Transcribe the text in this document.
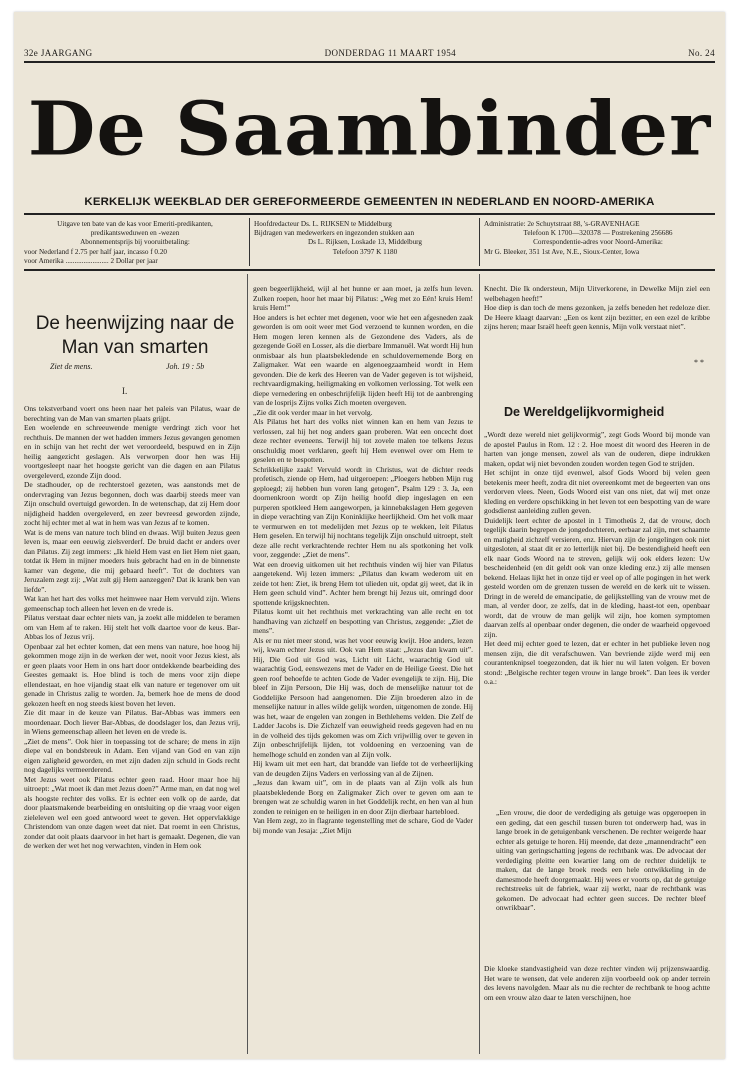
32e JAARGANG	DONDERDAG 11 MAART 1954	No. 24
De Saambinder
KERKELIJK WEEKBLAD DER GEREFORMEERDE GEMEENTEN IN NEDERLAND EN NOORD-AMERIKA
Uitgave ten bate van de kas voor Emeriti-predikanten,
predikantsweduwen en -wezen
Abonnementsprijs bij vooruitbetaling:
voor Nederland f 2.75 per half jaar, incasso f 0.20
voor Amerika ........................ 2 Dollar per jaar
Hoofdredacteur Ds. L. RIJKSEN te Middelburg
Bijdragen van medewerkers en ingezonden stukken aan
Ds L. Rijksen, Loskade 13, Middelburg
Telefoon 3797 K 1180
Administratie: 2e Schuytstraat 88, 's-GRAVENHAGE
Telefoon K 1700—320378 — Postrekening 256686
Correspondentie-adres voor Noord-Amerika:
Mr G. Bleeker, 351 1st Ave, N.E., Sioux-Center, Iowa
De heenwijzing naar de Man van smarten
Ziet de mens.	Joh. 19 : 5b
I.

Ons tekstverband voert ons heen naar het paleis van Pilatus, waar de berechting van de Man van smarten plaats grijpt.

Een woelende en schreeuwende menigte verdringt zich voor het rechthuis. De mannen der wet hadden immers Jezus gevangen genomen en in schijn van het recht der wet veroordeeld, bespuwd en in Zijn heilig aangezicht geslagen. Als verworpen door hen was Hij voortgesleept naar het hoogste gericht van die dagen en aan Pilatus overgeleverd, ezonde Zijn dood.

De stadhouder, op de rechterstoel gezeten, was aanstonds met de ondervraging van Jezus begonnen, doch was daarbij steeds meer van Zijn onschuld overtuigd geworden. In de wetenschap, dat zij Hem door nijdigheid hadden overgeleverd, en zeer bevreesd geworden zijnde, zocht hij echter met al wat in hem was van Jezus af te komen.

Wat is de mens van nature toch blind en dwaas. Wijl buiten Jezus geen leven is, maar een eeuwig zielsverderf. De bruid dacht er anders over dan Pilatus. Zij zegt immers: „Ik hield Hem vast en liet Hem niet gaan, totdat ik Hem in mijner moeders huis gebracht had en in de binnenste kamer van degene, die mij gebaard heeft”. Tot de dochters van Jeruzalem zegt zij: „Wat zult gij Hem aanzeggen? Dat ik krank ben van liefde”.

Wat kan het hart des volks met heimwee naar Hem vervuld zijn. Wiens gemeenschap toch alleen het leven en de vrede is.

Pilatus verstaat daar echter niets van, ja zoekt alle middelen te beramen om van Hem af te raken. Hij stelt het volk daartoe voor de keus. Bar-Abbas los of Jezus vrij.

Openbaar zal het echter komen, dat een mens van nature, hoe hoog hij gekommen moge zijn in de werken der wet, nooit voor Jezus kiest, als er geen plaats voor Hem in ons hart door ontdekkende bearbeiding des Geestes gemaakt is. Hoe blind is toch de mens voor zijn diepe ellendestaat, en hoe vijandig staat elk van nature er tegenover om uit genade in Christus zalig te worden. Ja, bemerk hoe de mens de dood gekozen heeft en nog steeds kiest boven het leven.

Zie dit maar in de keuze van Pilatus. Bar-Abbas was immers een moordenaar. Doch liever Bar-Abbas, de doodslager los, dan Jezus vrij, in Wiens gemeenschap alleen het leven en de vrede is.

„Ziet de mens”. Ook hier in toepassing tot de schare; de mens in zijn diepe val en bondsbreuk in Adam. Een vijand van God en van zijn eigen zaligheid geworden, en met zijn daden zijn schuld in Gods recht nog dagelijks vermeerderend.

Met Jezus weet ook Pilatus echter geen raad. Hoor maar hoe hij uitroept: „Wat moet ik dan met Jezus doen?” Arme man, en dat nog wel als hoogste rechter des volks. Er is echter een volk op de aarde, dat door plaatsmakende bearbeiding en ontsluiting op die vraag voor eigen zieleleven wel een goed antwoord weet te geven. Het oppervlakkige Christendom van onze dagen weet dat niet. Dat roemt in een Christus, zonder dat ooit plaats daarvoor in het hart is gemaakt. Degenen, die van de werken der wet het nog verwachten, vinden in Hem ook

geen begeerlijkheid, wijl al het hunne er aan moet, ja zelfs hun leven. Zulken roepen, hoor het maar bij Pilatus: „Weg met zo Eén! kruis Hem! kruis Hem!”

Hoe anders is het echter met degenen, voor wie het een afgesneden zaak geworden is om ooit weer met God verzoend te kunnen worden, en die Hem mogen leren kennen als de Gezondene des Vaders, als de gezegende Goël en Losser, als die dierbare Immanuël. Wat wordt Hij hun onmisbaar als hun plaatsbekledende en schuldovernemende Borg en Zaligmaker. Wat een waarde en algenoegzaamheid wordt in Hem gevonden. Die de kerk des Heeren van de Vader gegeven is tot wijsheid, rechtvaardigmaking, heiligmaking en volkomen verlossing. Tot welk een diepe vernedering en onbeschrijfelijk lijden heeft Hij tot de aanbrenging van de losprijs Zijns volks Zich moeten overgeven.

„Zie dit ook verder maar in het vervolg.

Als Pilatus het hart des volks niet winnen kan en hem van Jezus te verlossen, zal hij het nog anders gaan proberen. Wat een oncecht doet deze rechter eveneens. Terwijl hij tot zovele malen toe telkens Jezus onschuldig moet verklaren, geeft hij Hem evenwel over om Hem te geselen en te bespotten.

Schrikkelijke zaak! Vervuld wordt in Christus, wat de dichter reeds profetisch, ziende op Hem, had uitgeroepen: „Ploegers hebben Mijn rug geploegd; zij hebben hun voren lang getogen”, Psalm 129 : 3. Ja, een doornenkroon wordt op Zijn heilig hoofd diep ingeslagen en een purperen spotkleed Hem aangeworpen, ja kinnebakslagen Hem gegeven in diepe verachting van Zijn Koninklijke heerlijkheid. Om het volk maar te vermurwen en tot medelijden met Jezus op te wekken, leit Pilatus Hem geselen. En terwijl hij nochtans tegelijk Zijn onschuld uitroept, stelt deze alle recht verkrachtende rechter Hem nu als spotkoning het volk voor, zeggende: „Ziet de mens”.

Wat een droevig uitkomen uit het rechthuis vinden wij hier van Pilatus aangetekend. Wij lezen immers: „Pilatus dan kwam wederom uit en zeide tot hen: Ziet, ik breng Hem tot ulieden uit, opdat gij weet, dat ik in Hem geen schuld vind”. Achter hem brengt hij Jezus uit, omringd door spottende krijgsknechten.

Pilatus komt uit het rechthuis met verkrachting van alle recht en tot handhaving van zichzelf en bespotting van Christus, zeggende: „Ziet de mens”.

Als er nu niet meer stond, was het voor eeuwig kwijt. Hoe anders, lezen wij, kwam echter Jezus uit. Ook van Hem staat: „Jezus dan kwam uit”. Hij, Die God uit God was, Licht uit Licht, waarachtig God uit waarachtig God, eenswezens met de Vader en de Heilige Geest. Die het geen roof behoefde te achten Gode de Vader evengelijk te zijn. Hij, Die bleef in Zijn Persoon, Die Hij was, doch de menselijke natuur tot de Goddelijke Persoon had aangenomen. Die Zijn broederen alzo in de menselijke natuur in alles wilde gelijk worden, uitgenomen de zonde. Hij was het, waar de engelen van zongen in Bethlehems velden. Die Zelf de Ladder Jacobs is. Die Zichzelf van eeuwigheid reeds gegeven had en nu in de volheid des tijds gekomen was om Zich vrijwillig over te geven in Zijn onbeschrijfelijk lijden, tot voldoening en verzoening van de hemelhoge schuld en zonden van al Zijn volk.

Hij kwam uit met een hart, dat brandde van liefde tot de verheerlijking van de deugden Zijns Vaders en verlossing van al de Zijnen.

„Jezus dan kwam uit”, om in de plaats van al Zijn volk als hun plaatsbekledende Borg en Zaligmaker Zich over te geven om aan te brengen wat ze schuldig waren in het Goddelijk recht, en hen van al hun zonden te reinigen en te heiligen in en door Zijn dierbaar hartebloed.

Van Hem zegt, zo in flagrante tegenstelling met de schare, God de Vader bij monde van Jesaja: „Ziet Mijn

Knecht. Die Ik ondersteun, Mijn Uitverkorene, in Dewelke Mijn ziel een welbehagen heeft!”

Hoe diep is dan toch de mens gezonken, ja zelfs beneden het redeloze dier. De Heere klaagt daarvan: „Een os kent zijn bezitter, en een ezel de kribbe zijns heren; maar Israël heeft geen kennis, Mijn volk verstaat niet”.

* *
De Wereldgelijkvormigheid

„Wordt deze wereld niet gelijkvormig”, zegt Gods Woord bij monde van de apostel Paulus in Rom. 12 : 2. Hoe moest dit woord des Heeren in de harten van jonge mensen, zowel als van de ouderen, diepe indrukken maken, opdat wij niet bevonden zouden worden tegen God te strijden.

Het schijnt in onze tijd evenwel, alsof Gods Woord bij velen geen betekenis meer heeft, zodra dit niet overeenkomt met de begeerten van ons verdorven vlees. Neen, Gods Woord eist van ons niet, dat wij met onze kleding en verdere opschikking in het leven tot een bespotting van de ware godsdienst aanleiding zullen geven.

Duidelijk leert echter de apostel in 1 Timotheüs 2, dat de vrouw, doch tegelijk daarin begrepen de jongedochteren, eerbaar zal zijn, met schaamte en matigheid zichzelf versieren, enz. Hiervan zijn de jongelingen ook niet uitgesloten, al staat dit er zo letterlijk niet bij. De bestendigheid heeft een elk naar Gods Woord na te streven, gelijk wij ook elders lezen: Uw bescheidenheid (en dit geldt ook van onze kleding enz.) zij alle mensen bekend. Helaas lijkt het in onze tijd er veel op of alle pogingen in het werk gesteld worden om de grenzen tussen de wereld en de kerk uit te wissen. Dringt in de wereld de emancipatie, de gelijkstelling van de vrouw met de man, al verder door, ze zelfs, dat in de kleding, haast-tot een, openbaar wordt, dat de vrouw de man gelijk wil zijn, hoe komen symptomen daarvan zelfs al openbaar onder degenen, die onder de waarheid opgevoed zijn.

Het deed mij echter goed te lezen, dat er echter in het publieke leven nog mensen zijn, die dit verafschuwen. Van bevriende zijde werd mij een courantenknipsel toegezonden, dat ik hier nu wil laten volgen. Er boven stond: „Belgische rechter tegen vrouw in lange broek”. Dan lees ik verder o.a.:

„Een vrouw, die door de verdediging als getuige was opgeroepen in een geding, dat een geschil tussen buren tot onderwerp had, was in lange broek in de getuigenbank verschenen. De rechter weigerde haar echter als getuige te horen. Hij meende, dat deze „mannendracht” een uiting van geringschatting jegens de rechtbank was. De advocaat der verdediging pleitte een kwartier lang om de rechter duidelijk te maken, dat de lange broek reeds een hele ontwikkeling in de damesmode heeft doorgemaakt. Hij wees er voorts op, dat de getuige rechtstreeks uit de fabriek, waar zij werkt, naar de rechtbank was gekomen. De advocaat had echter geen succes. De rechter bleef onwrikbaar”.

Die kloeke standvastigheid van deze rechter vinden wij prijzenswaardig. Het ware te wensen, dat vele anderen zijn voorbeeld ook op ander terrein des levens navolgden. Maar als nu die rechter de rechtbank te hoog achtte om een vrouw alzo daar te laten verschijnen, hoe
